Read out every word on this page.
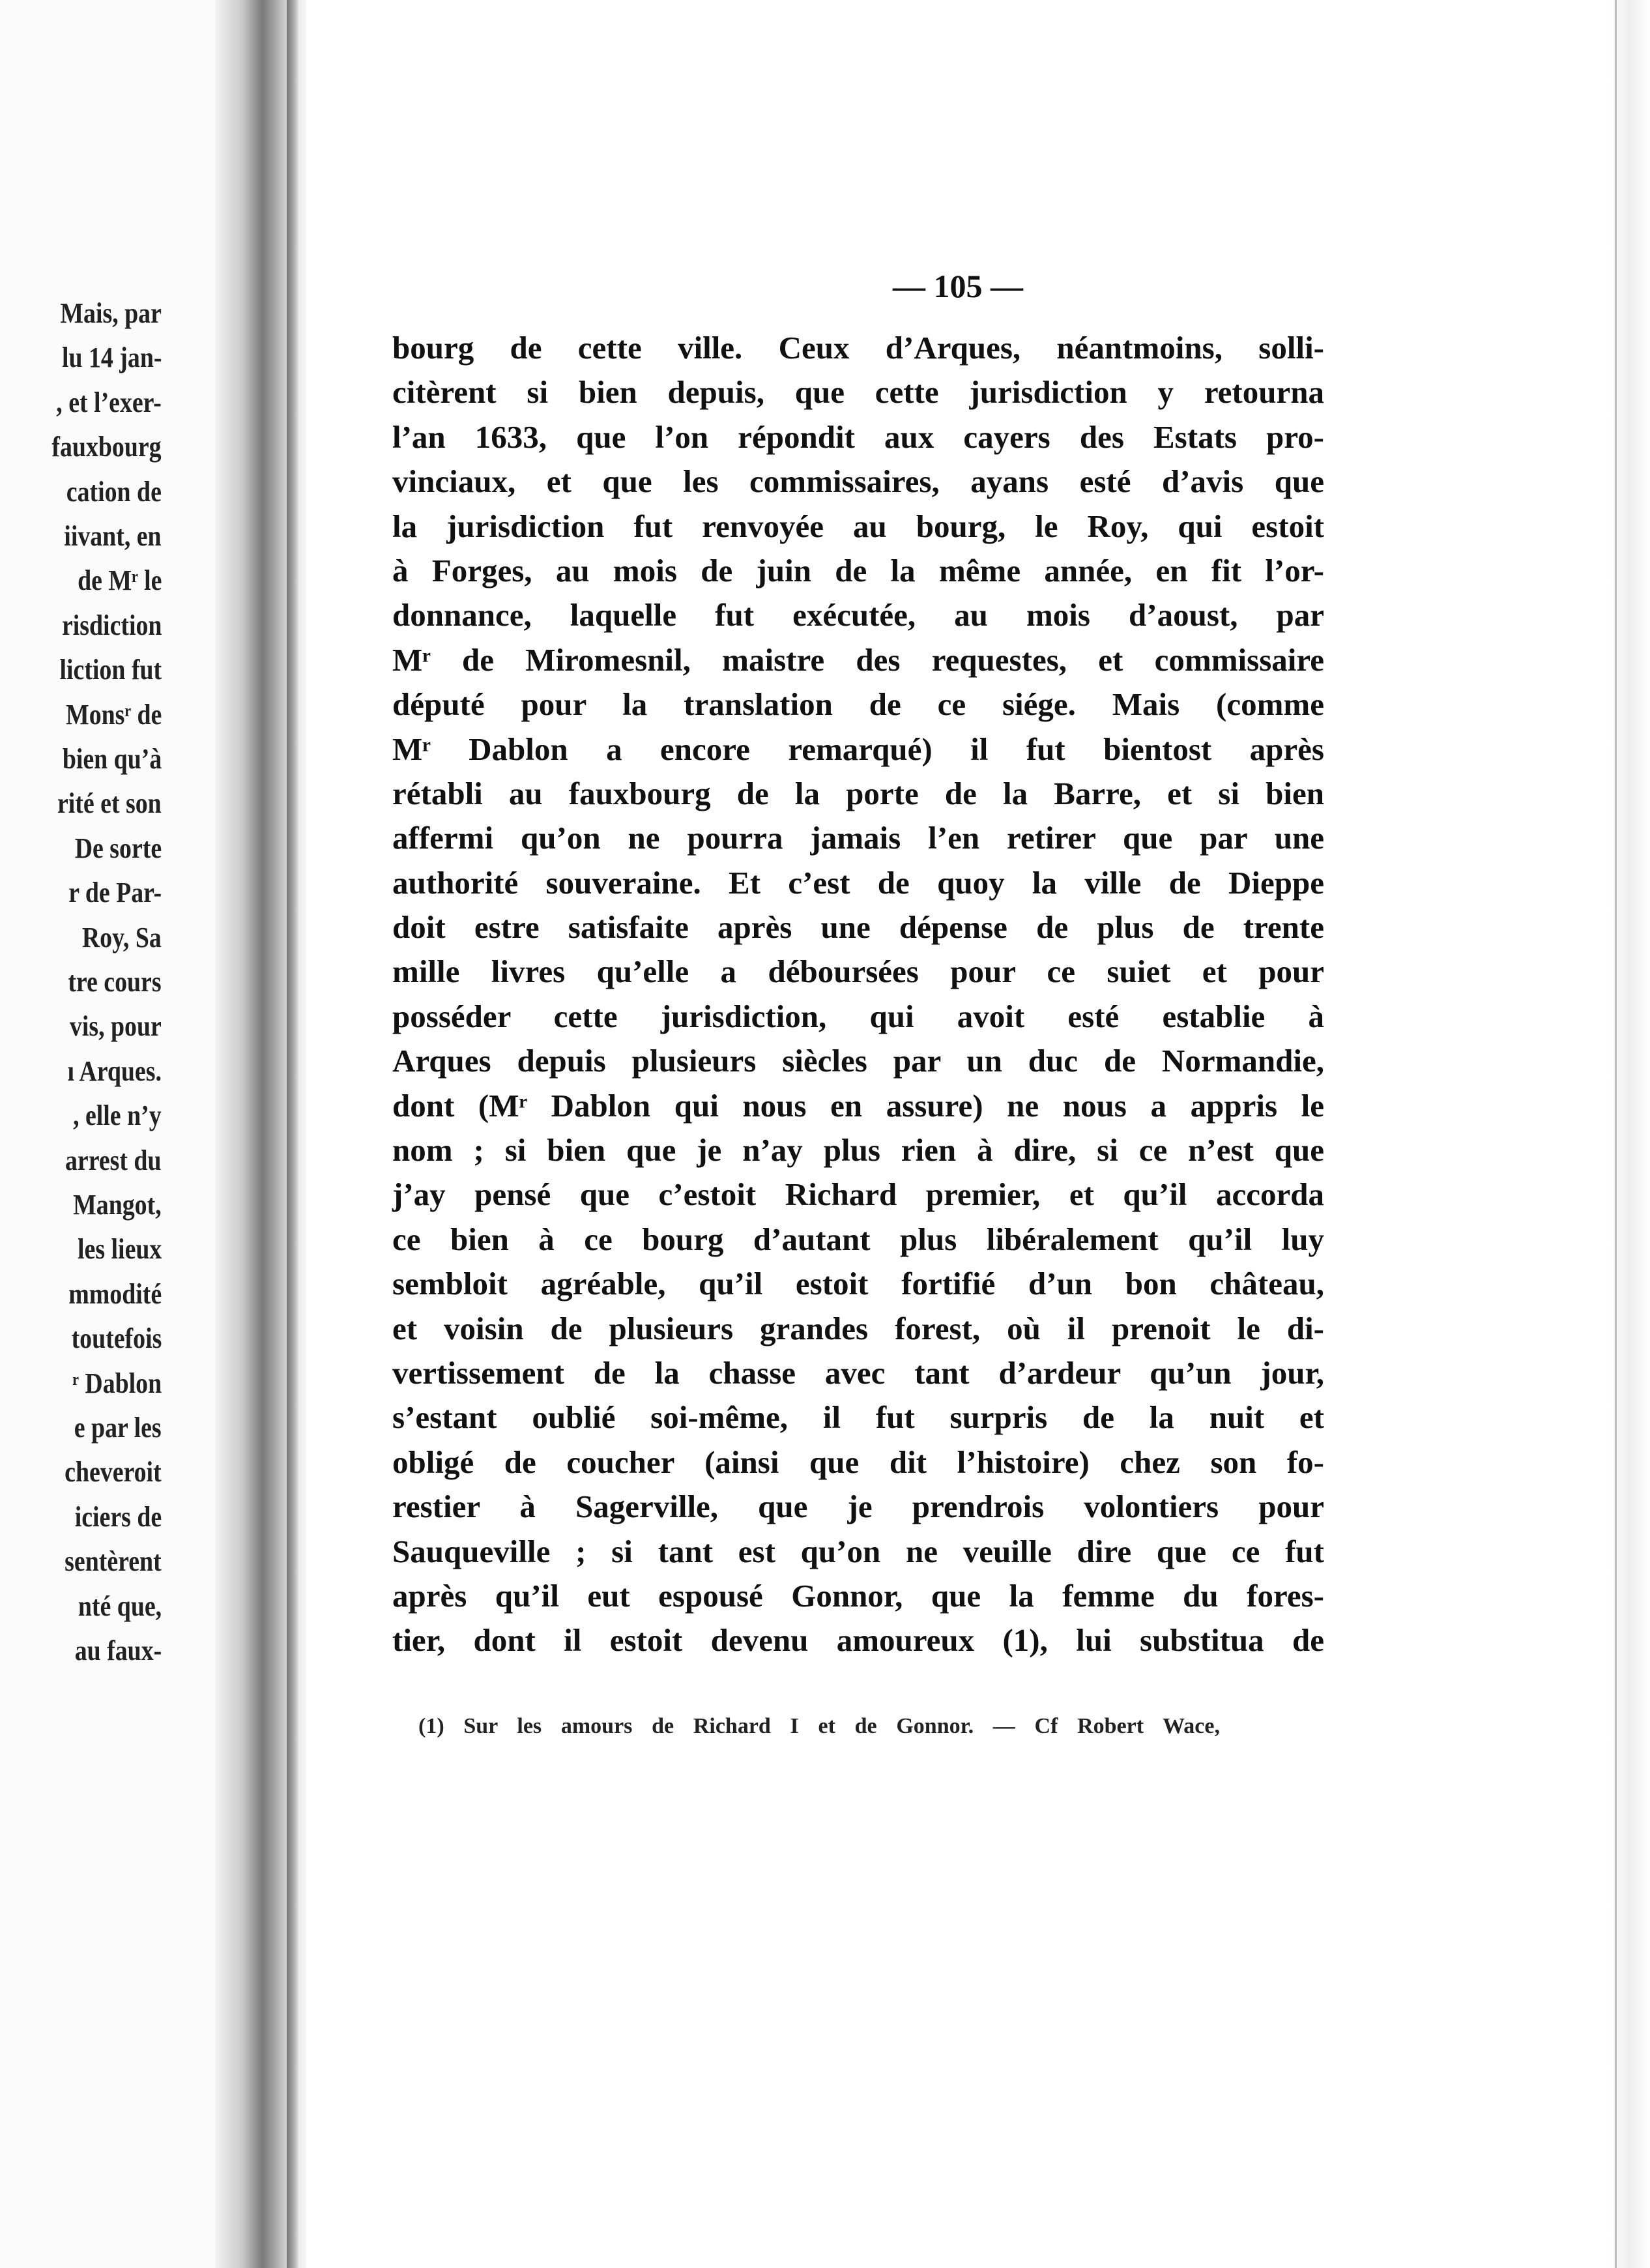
Mais, par
lu 14 jan-
, et l’exer-
fauxbourg
cation de
iivant, en
de Mʳ le
risdiction
liction fut
Monsʳ de
bien qu’à
rité et son
De sorte
r de Par-
Roy, Sa
tre cours
vis, pour
ı Arques.
, elle n’y
arrest du
Mangot,
les lieux
mmodité
toutefois
ʳ Dablon
e par les
cheveroit
iciers de
sentèrent
nté que,
au faux-
— 105 —
bourg de cette ville. Ceux d’Arques, néantmoins, solli-
citèrent si bien depuis, que cette jurisdiction y retourna
l’an 1633, que l’on répondit aux cayers des Estats pro-
vinciaux, et que les commissaires, ayans esté d’avis que
la jurisdiction fut renvoyée au bourg, le Roy, qui estoit
à Forges, au mois de juin de la même année, en fit l’or-
donnance, laquelle fut exécutée, au mois d’aoust, par
Mʳ de Miromesnil, maistre des requestes, et commissaire
député pour la translation de ce siége. Mais (comme
Mʳ Dablon a encore remarqué) il fut bientost après
rétabli au fauxbourg de la porte de la Barre, et si bien
affermi qu’on ne pourra jamais l’en retirer que par une
authorité souveraine. Et c’est de quoy la ville de Dieppe
doit estre satisfaite après une dépense de plus de trente
mille livres qu’elle a déboursées pour ce suiet et pour
posséder cette jurisdiction, qui avoit esté establie à
Arques depuis plusieurs siècles par un duc de Normandie,
dont (Mʳ Dablon qui nous en assure) ne nous a appris le
nom ; si bien que je n’ay plus rien à dire, si ce n’est que
j’ay pensé que c’estoit Richard premier, et qu’il accorda
ce bien à ce bourg d’autant plus libéralement qu’il luy
sembloit agréable, qu’il estoit fortifié d’un bon château,
et voisin de plusieurs grandes forest, où il prenoit le di-
vertissement de la chasse avec tant d’ardeur qu’un jour,
s’estant oublié soi-même, il fut surpris de la nuit et
obligé de coucher (ainsi que dit l’histoire) chez son fo-
restier à Sagerville, que je prendrois volontiers pour
Sauqueville ; si tant est qu’on ne veuille dire que ce fut
après qu’il eut espousé Gonnor, que la femme du fores-
tier, dont il estoit devenu amoureux (1), lui substitua de
(1) Sur les amours de Richard I et de Gonnor. — Cf Robert Wace,
